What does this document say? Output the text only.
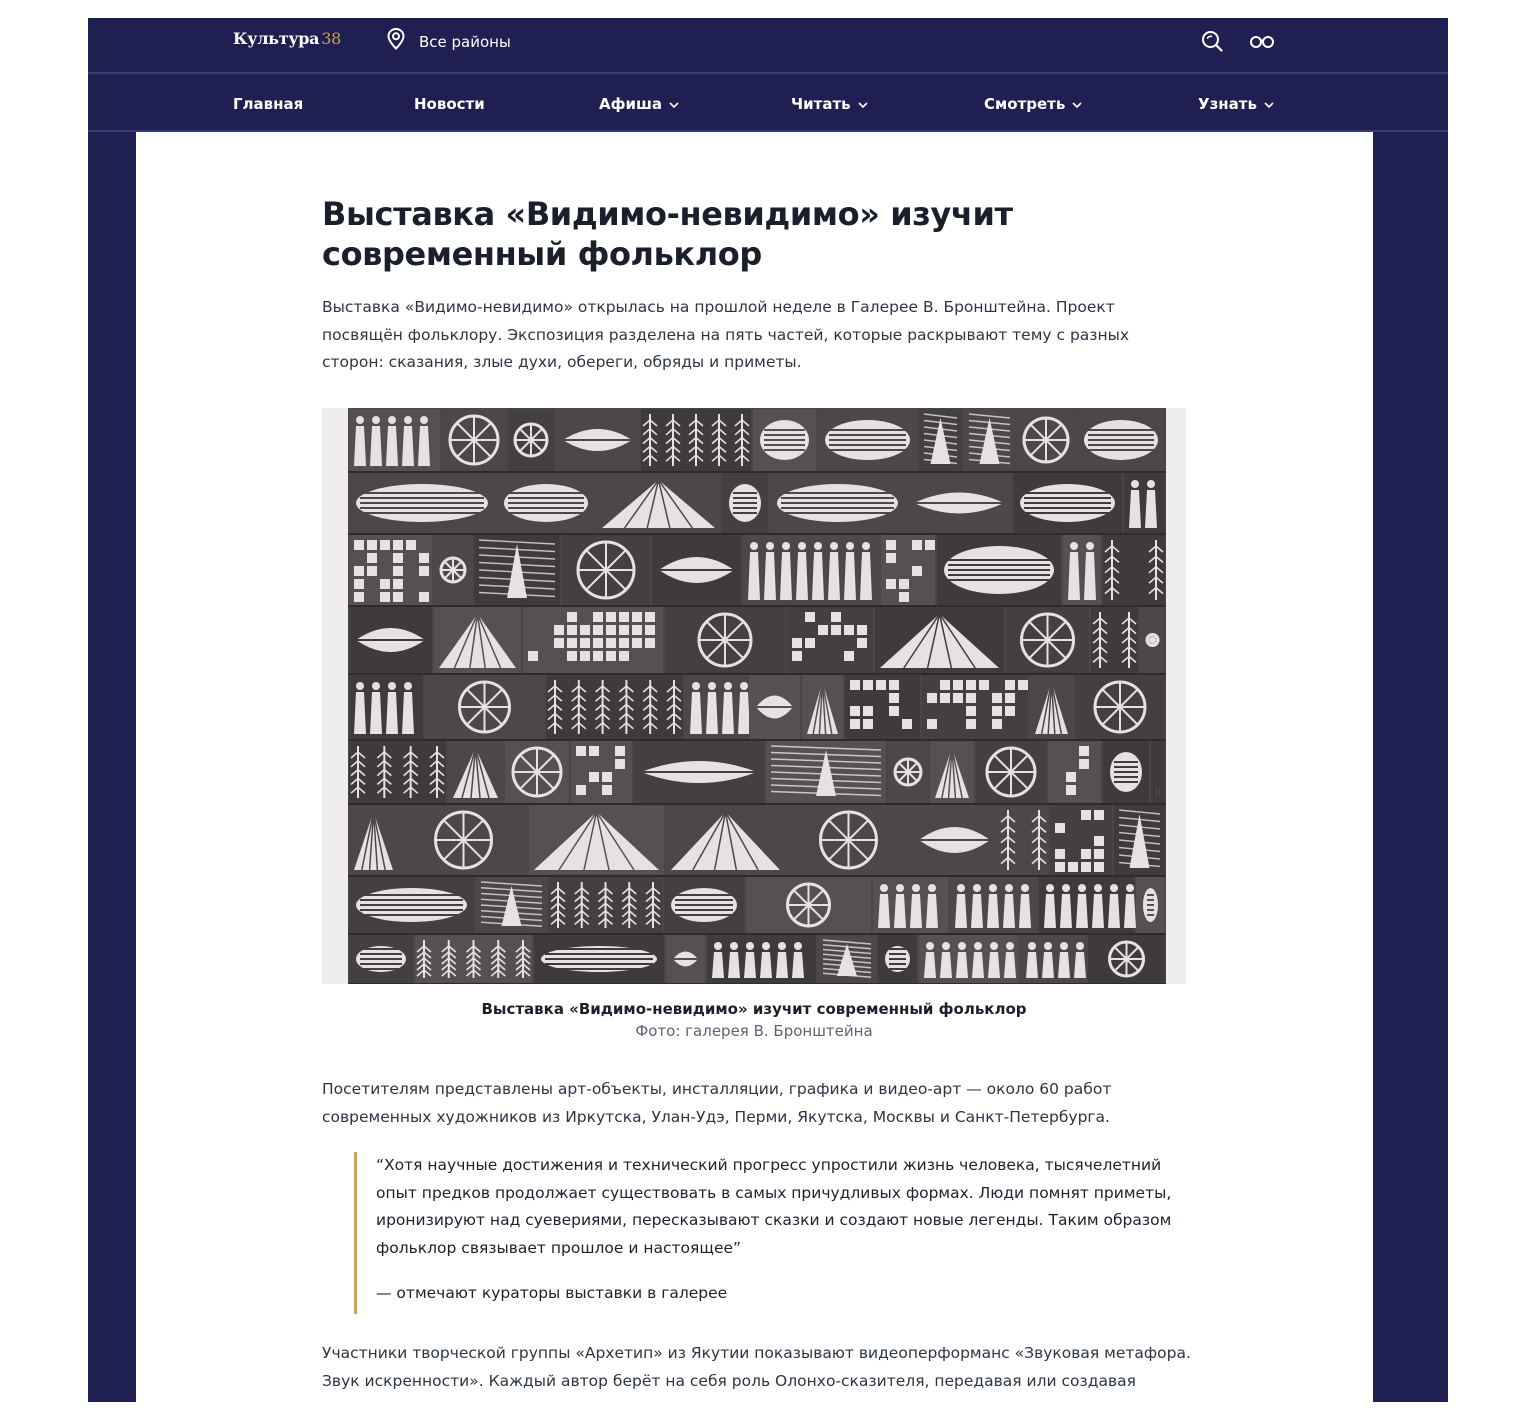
Культура 38	Все районы
Главная	Новости	Афиша	Читать	Смотреть	Узнать
Выставка «Видимо-невидимо» изучит современный фольклор

Выставка «Видимо-невидимо» открылась на прошлой неделе в Галерее В. Бронштейна. Проект посвящён фольклору. Экспозиция разделена на пять частей, которые раскрывают тему с разных сторон: сказания, злые духи, обереги, обряды и приметы.

Выставка «Видимо-невидимо» изучит современный фольклор
Фото: галерея В. Бронштейна

Посетителям представлены арт-объекты, инсталляции, графика и видео-арт — около 60 работ современных художников из Иркутска, Улан-Удэ, Перми, Якутска, Москвы и Санкт-Петербурга.

“Хотя научные достижения и технический прогресс упростили жизнь человека, тысячелетний опыт предков продолжает существовать в самых причудливых формах. Люди помнят приметы, иронизируют над суевериями, пересказывают сказки и создают новые легенды. Таким образом фольклор связывает прошлое и настоящее”
— отмечают кураторы выставки в галерее

Участники творческой группы «Архетип» из Якутии показывают видеоперформанс «Звуковая метафора. Звук искренности». Каждый автор берёт на себя роль Олонхо-сказителя, передавая или создавая
